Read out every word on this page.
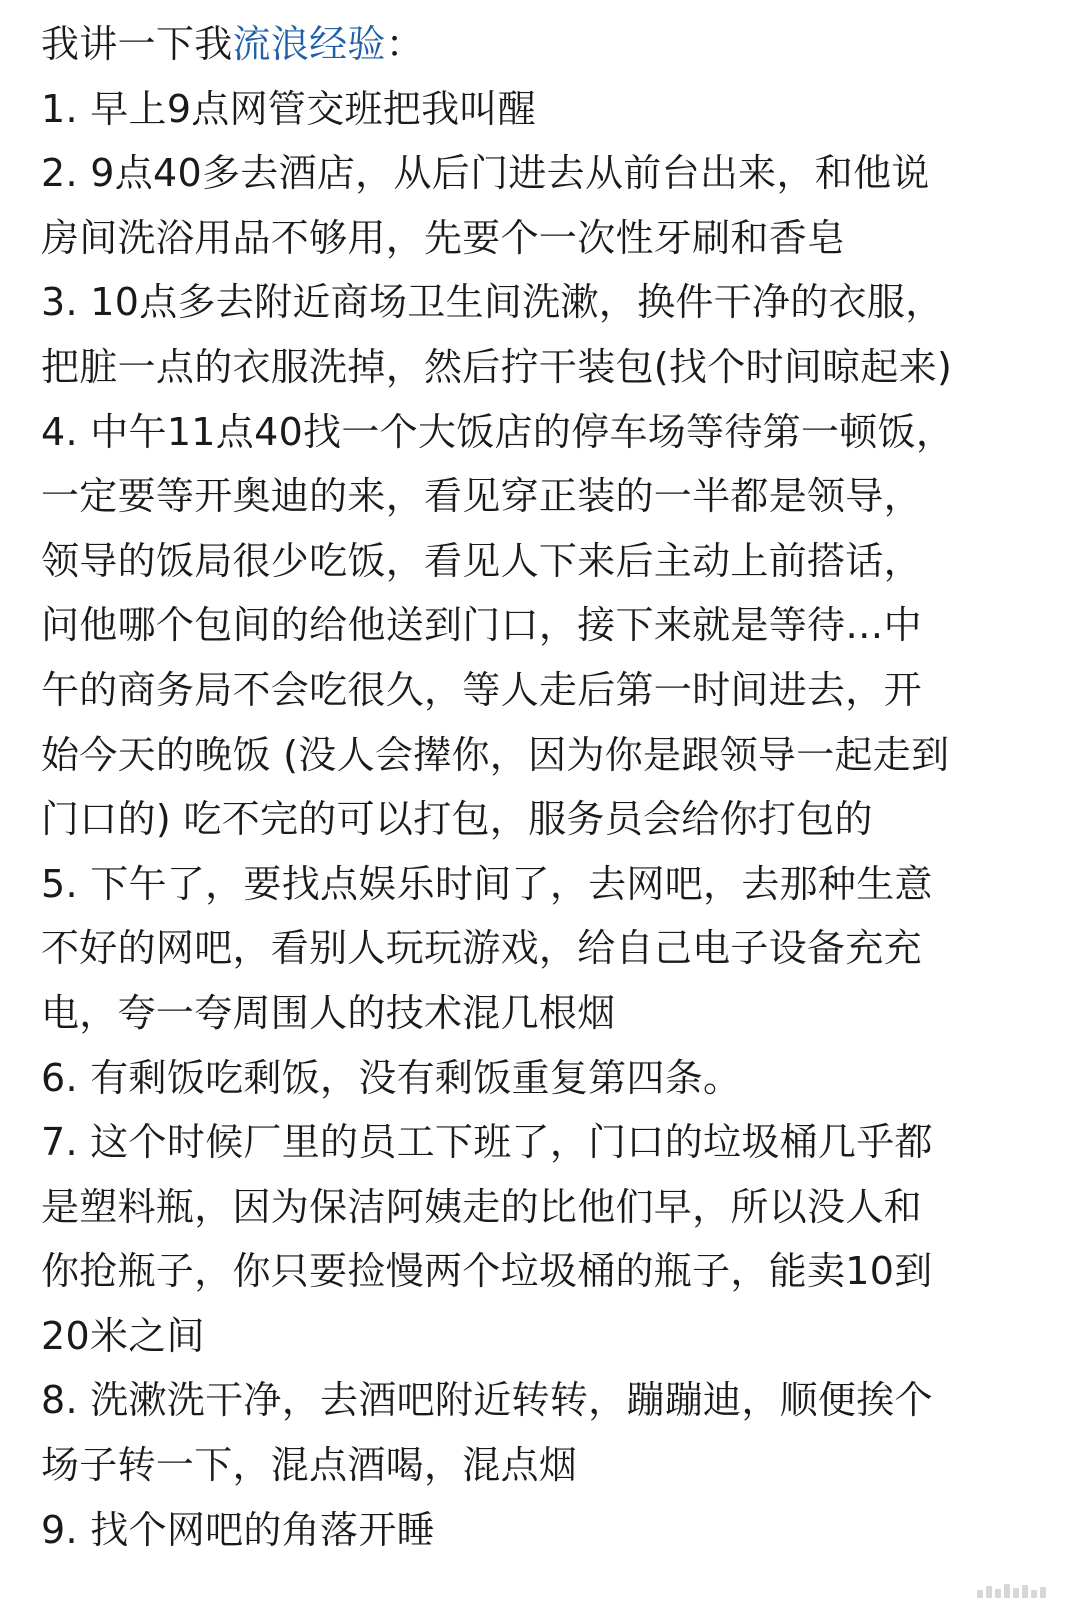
我讲一下我流浪经验：
1. 早上9点网管交班把我叫醒
2. 9点40多去酒店，从后门进去从前台出来，和他说
房间洗浴用品不够用，先要个一次性牙刷和香皂
3. 10点多去附近商场卫生间洗漱，换件干净的衣服，
把脏一点的衣服洗掉，然后拧干装包(找个时间晾起来)
4. 中午11点40找一个大饭店的停车场等待第一顿饭，
一定要等开奥迪的来，看见穿正装的一半都是领导，
领导的饭局很少吃饭，看见人下来后主动上前搭话，
问他哪个包间的给他送到门口，接下来就是等待…中
午的商务局不会吃很久，等人走后第一时间进去，开
始今天的晚饭 (没人会撵你，因为你是跟领导一起走到
门口的) 吃不完的可以打包，服务员会给你打包的
5. 下午了，要找点娱乐时间了，去网吧，去那种生意
不好的网吧，看别人玩玩游戏，给自己电子设备充充
电，夸一夸周围人的技术混几根烟
6. 有剩饭吃剩饭，没有剩饭重复第四条。
7. 这个时候厂里的员工下班了，门口的垃圾桶几乎都
是塑料瓶，因为保洁阿姨走的比他们早，所以没人和
你抢瓶子，你只要捡慢两个垃圾桶的瓶子，能卖10到
20米之间
8. 洗漱洗干净，去酒吧附近转转，蹦蹦迪，顺便挨个
场子转一下，混点酒喝，混点烟
9. 找个网吧的角落开睡
